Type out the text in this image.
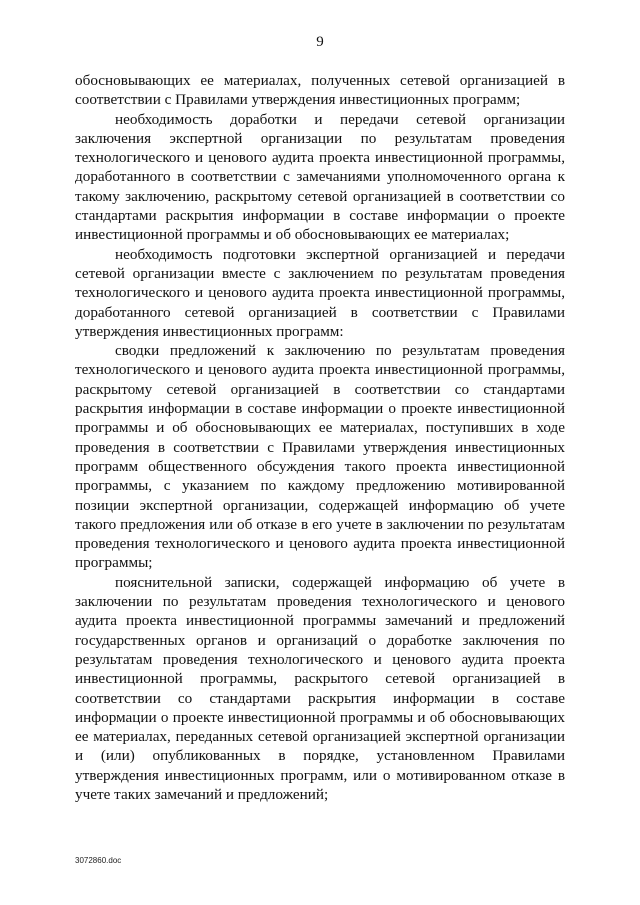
9

обосновывающих ее материалах, полученных сетевой организацией в соответствии с Правилами утверждения инвестиционных программ;

необходимость доработки и передачи сетевой организации заключения экспертной организации по результатам проведения технологического и ценового аудита проекта инвестиционной программы, доработанного в соответствии с замечаниями уполномоченного органа к такому заключению, раскрытому сетевой организацией в соответствии со стандартами раскрытия информации в составе информации о проекте инвестиционной программы и об обосновывающих ее материалах;

необходимость подготовки экспертной организацией и передачи сетевой организации вместе с заключением по результатам проведения технологического и ценового аудита проекта инвестиционной программы, доработанного сетевой организацией в соответствии с Правилами утверждения инвестиционных программ:

сводки предложений к заключению по результатам проведения технологического и ценового аудита проекта инвестиционной программы, раскрытому сетевой организацией в соответствии со стандартами раскрытия информации в составе информации о проекте инвестиционной программы и об обосновывающих ее материалах, поступивших в ходе проведения в соответствии с Правилами утверждения инвестиционных программ общественного обсуждения такого проекта инвестиционной программы, с указанием по каждому предложению мотивированной позиции экспертной организации, содержащей информацию об учете такого предложения или об отказе в его учете в заключении по результатам проведения технологического и ценового аудита проекта инвестиционной программы;

пояснительной записки, содержащей информацию об учете в заключении по результатам проведения технологического и ценового аудита проекта инвестиционной программы замечаний и предложений государственных органов и организаций о доработке заключения по результатам проведения технологического и ценового аудита проекта инвестиционной программы, раскрытого сетевой организацией в соответствии со стандартами раскрытия информации в составе информации о проекте инвестиционной программы и об обосновывающих ее материалах, переданных сетевой организацией экспертной организации и (или) опубликованных в порядке, установленном Правилами утверждения инвестиционных программ, или о мотивированном отказе в учете таких замечаний и предложений;

3072860.doc
